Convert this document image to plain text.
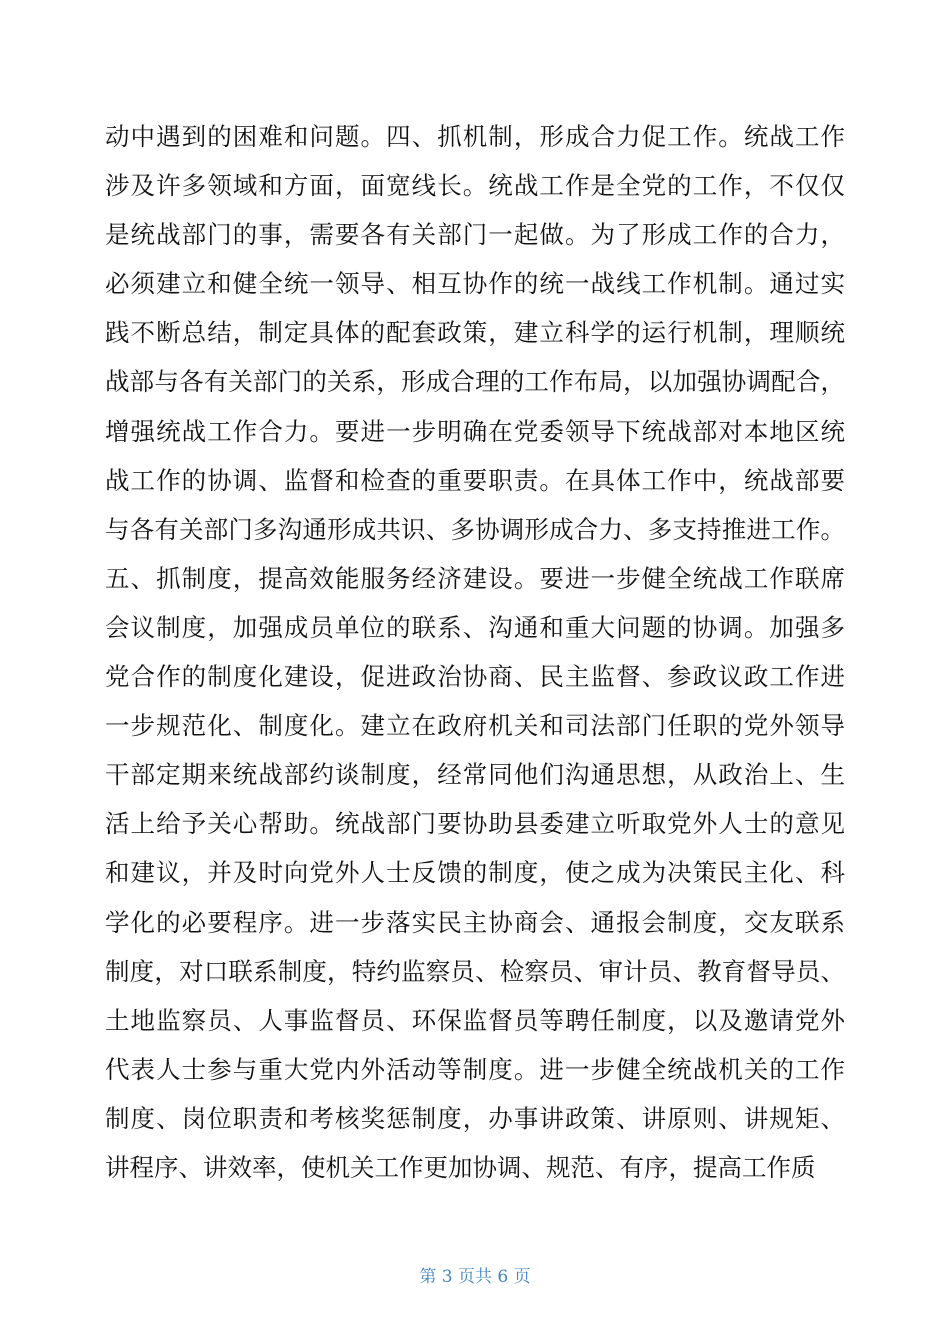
动中遇到的困难和问题。四、抓机制，形成合力促工作。统战工作
涉及许多领域和方面，面宽线长。统战工作是全党的工作，不仅仅
是统战部门的事，需要各有关部门一起做。为了形成工作的合力，
必须建立和健全统一领导、相互协作的统一战线工作机制。通过实
践不断总结，制定具体的配套政策，建立科学的运行机制，理顺统
战部与各有关部门的关系，形成合理的工作布局，以加强协调配合，
增强统战工作合力。要进一步明确在党委领导下统战部对本地区统
战工作的协调、监督和检查的重要职责。在具体工作中，统战部要
与各有关部门多沟通形成共识、多协调形成合力、多支持推进工作。
五、抓制度，提高效能服务经济建设。要进一步健全统战工作联席
会议制度，加强成员单位的联系、沟通和重大问题的协调。加强多
党合作的制度化建设，促进政治协商、民主监督、参政议政工作进
一步规范化、制度化。建立在政府机关和司法部门任职的党外领导
干部定期来统战部约谈制度，经常同他们沟通思想，从政治上、生
活上给予关心帮助。统战部门要协助县委建立听取党外人士的意见
和建议，并及时向党外人士反馈的制度，使之成为决策民主化、科
学化的必要程序。进一步落实民主协商会、通报会制度，交友联系
制度，对口联系制度，特约监察员、检察员、审计员、教育督导员、
土地监察员、人事监督员、环保监督员等聘任制度，以及邀请党外
代表人士参与重大党内外活动等制度。进一步健全统战机关的工作
制度、岗位职责和考核奖惩制度，办事讲政策、讲原则、讲规矩、
讲程序、讲效率，使机关工作更加协调、规范、有序，提高工作质
第 3 页共 6 页
